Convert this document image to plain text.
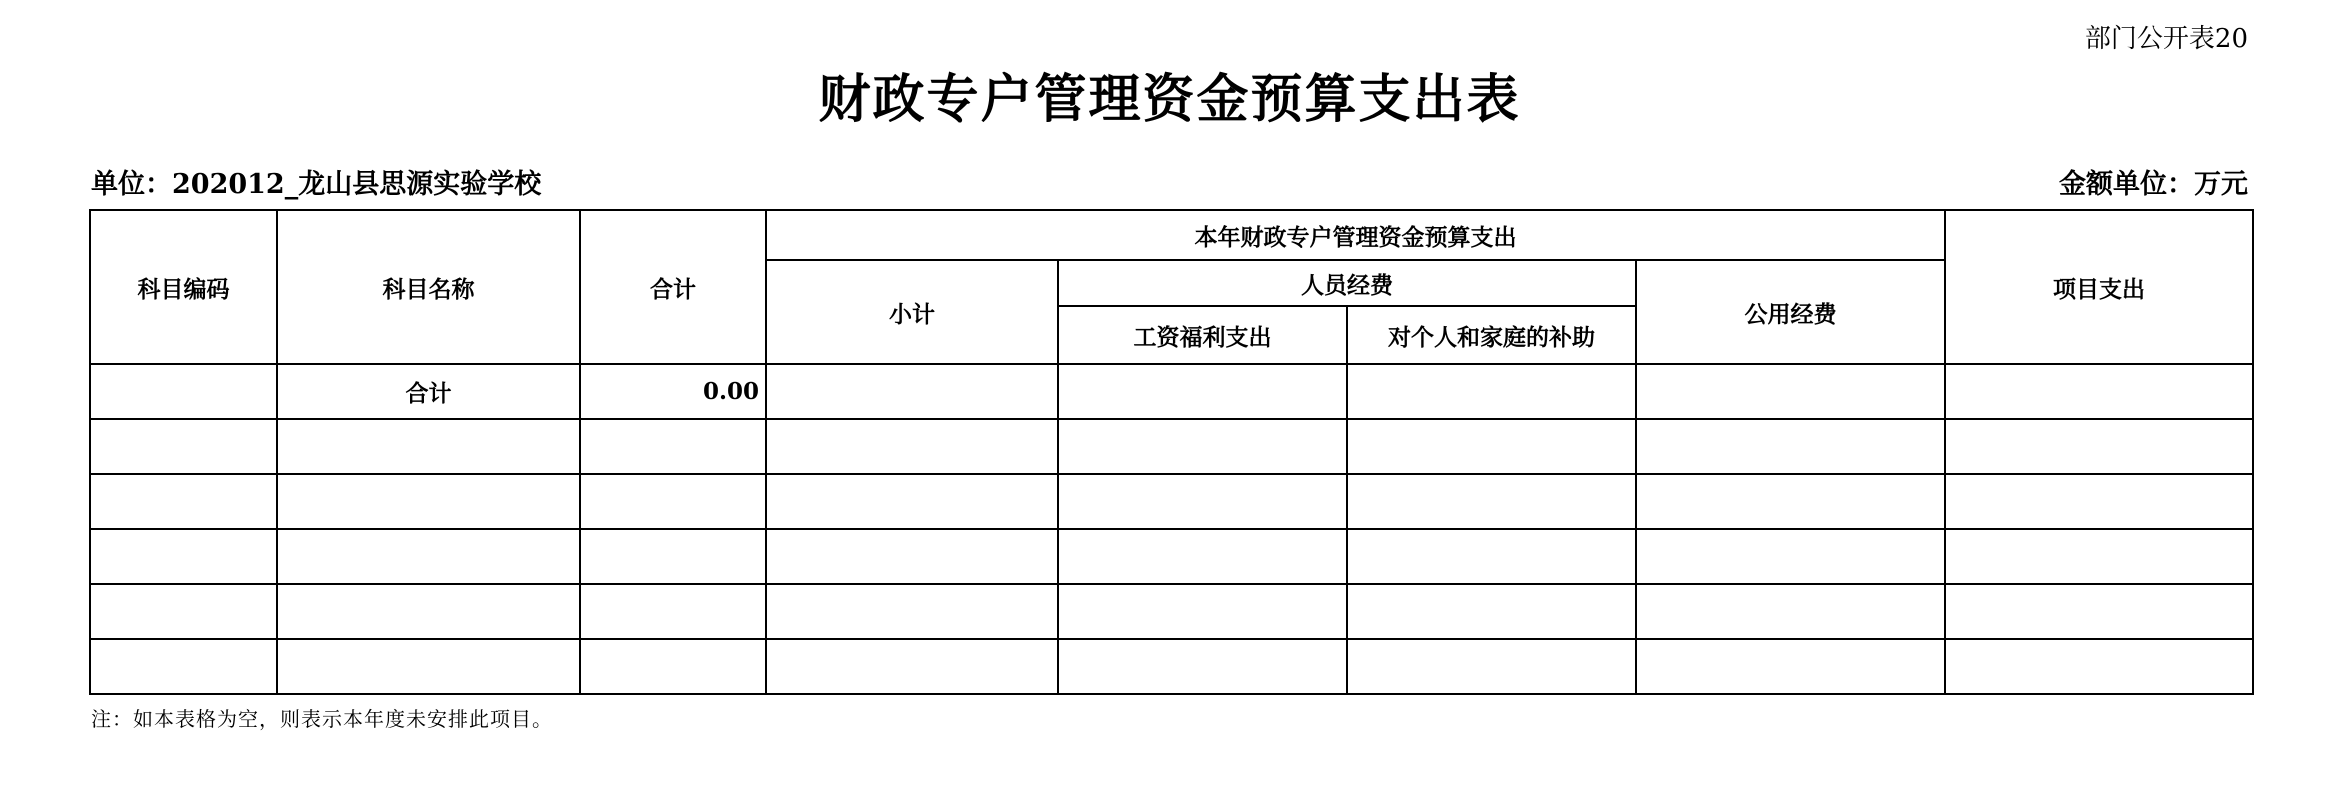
部门公开表20
财政专户管理资金预算支出表
单位：202012_龙山县思源实验学校	金额单位：万元
科目编码	科目名称	合计	本年财政专户管理资金预算支出				项目支出
			小计	人员经费		公用经费	
				工资福利支出	对个人和家庭的补助		
	合计	0.00					

注：如本表格为空，则表示本年度未安排此项目。
